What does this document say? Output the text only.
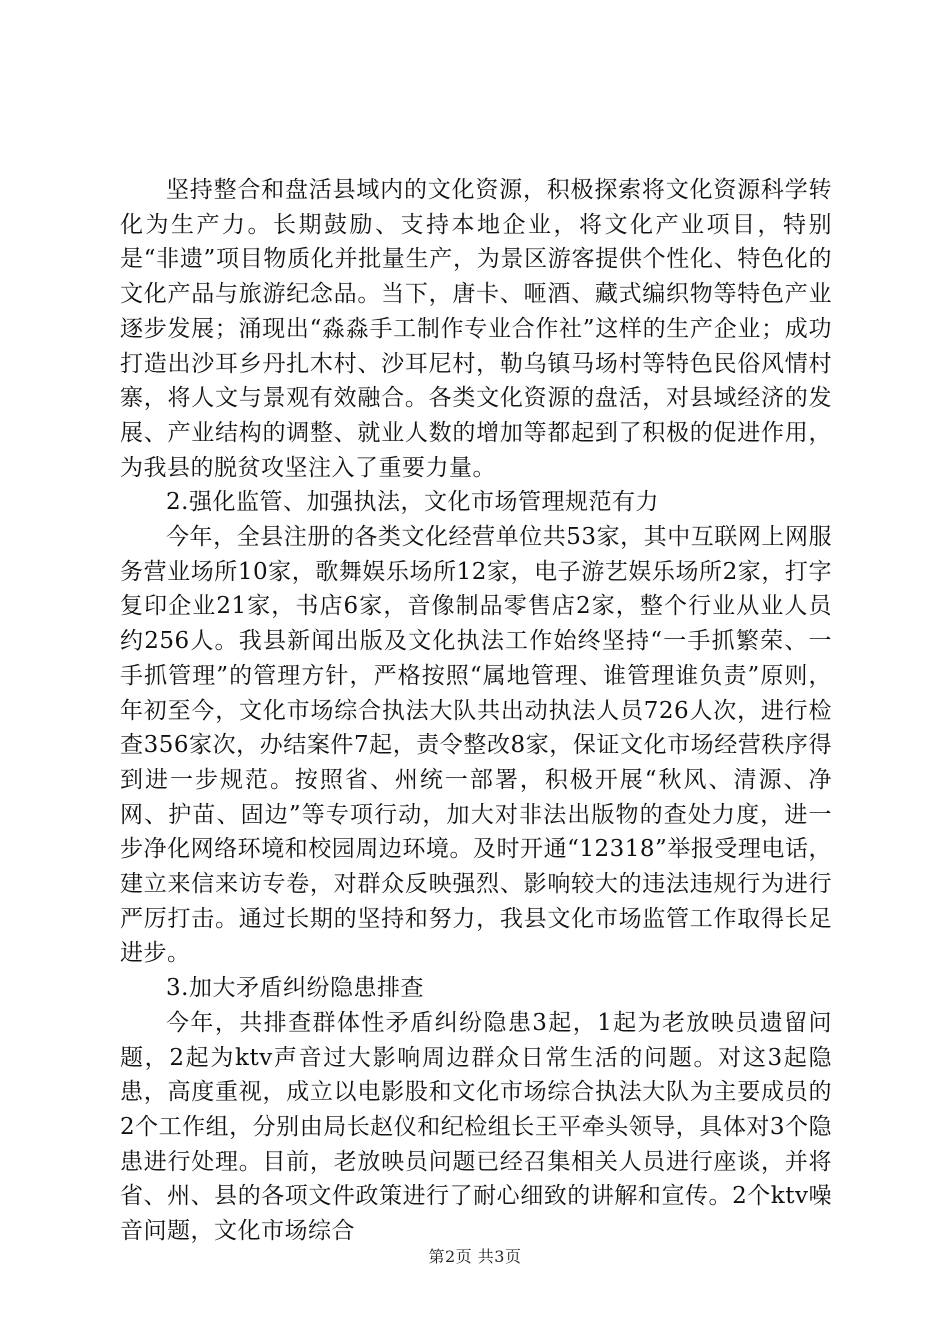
坚持整合和盘活县域内的文化资源，积极探索将文化资源科学转化为生产力。长期鼓励、支持本地企业，将文化产业项目，特别是“非遗”项目物质化并批量生产，为景区游客提供个性化、特色化的文化产品与旅游纪念品。当下，唐卡、咂酒、藏式编织物等特色产业逐步发展；涌现出“淼淼手工制作专业合作社”这样的生产企业；成功打造出沙耳乡丹扎木村、沙耳尼村，勒乌镇马场村等特色民俗风情村寨，将人文与景观有效融合。各类文化资源的盘活，对县域经济的发展、产业结构的调整、就业人数的增加等都起到了积极的促进作用，为我县的脱贫攻坚注入了重要力量。

2.强化监管、加强执法，文化市场管理规范有力

今年，全县注册的各类文化经营单位共53家，其中互联网上网服务营业场所10家，歌舞娱乐场所12家，电子游艺娱乐场所2家，打字复印企业21家，书店6家，音像制品零售店2家，整个行业从业人员约256人。我县新闻出版及文化执法工作始终坚持“一手抓繁荣、一手抓管理”的管理方针，严格按照“属地管理、谁管理谁负责”原则，年初至今，文化市场综合执法大队共出动执法人员726人次，进行检查356家次，办结案件7起，责令整改8家，保证文化市场经营秩序得到进一步规范。按照省、州统一部署，积极开展“秋风、清源、净网、护苗、固边”等专项行动，加大对非法出版物的查处力度，进一步净化网络环境和校园周边环境。及时开通“12318”举报受理电话，建立来信来访专卷，对群众反映强烈、影响较大的违法违规行为进行严厉打击。通过长期的坚持和努力，我县文化市场监管工作取得长足进步。

3.加大矛盾纠纷隐患排查

今年，共排查群体性矛盾纠纷隐患3起，1起为老放映员遗留问题，2起为ktv声音过大影响周边群众日常生活的问题。对这3起隐患，高度重视，成立以电影股和文化市场综合执法大队为主要成员的2个工作组，分别由局长赵仪和纪检组长王平牵头领导，具体对3个隐患进行处理。目前，老放映员问题已经召集相关人员进行座谈，并将省、州、县的各项文件政策进行了耐心细致的讲解和宣传。2个ktv噪音问题，文化市场综合

第2页 共3页
